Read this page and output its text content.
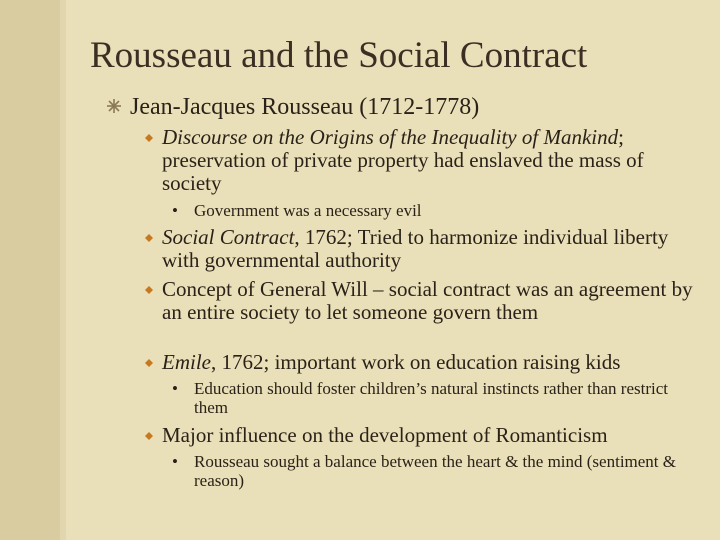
Rousseau and the Social Contract
Jean-Jacques Rousseau (1712-1778)
Discourse on the Origins of the Inequality of Mankind; preservation of private property had enslaved the mass of society
• Government was a necessary evil
Social Contract, 1762; Tried to harmonize individual liberty with governmental authority
Concept of General Will – social contract was an agreement by an entire society to let someone govern them
Emile, 1762; important work on education raising kids
• Education should foster children’s natural instincts rather than restrict them
Major influence on the development of Romanticism
• Rousseau sought a balance between the heart & the mind (sentiment & reason)
